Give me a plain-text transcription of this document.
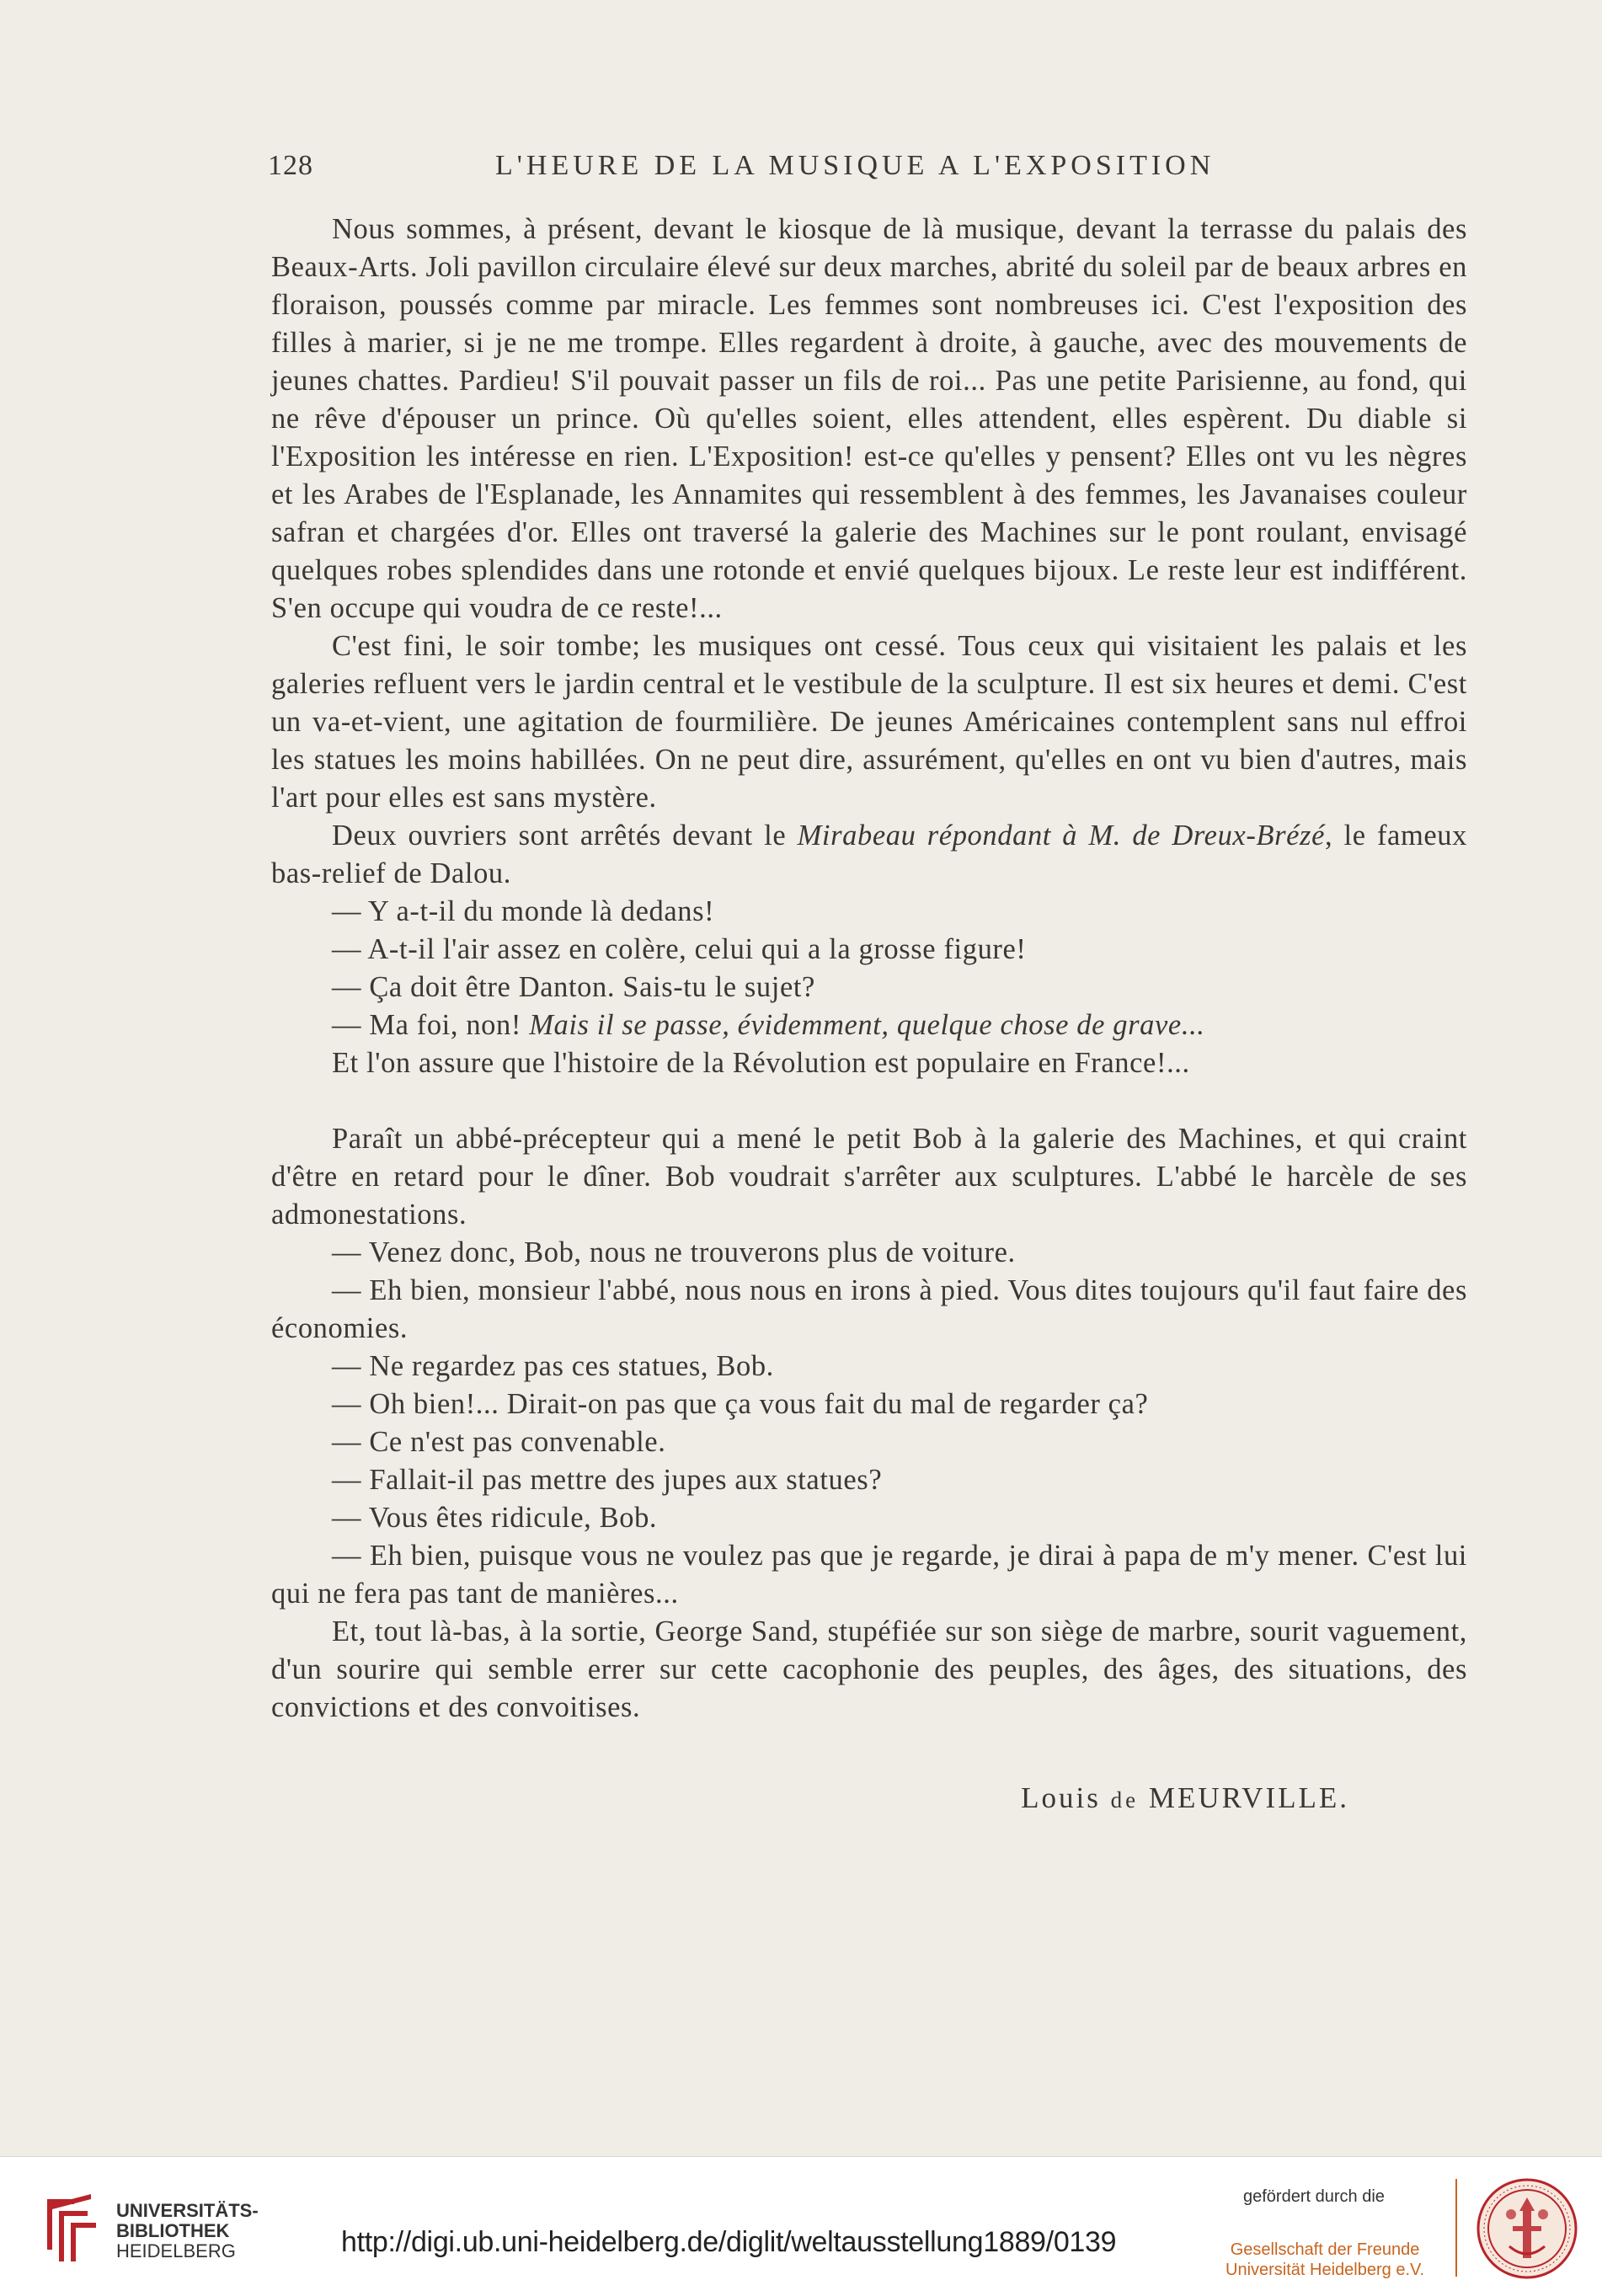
128	L'HEURE DE LA MUSIQUE A L'EXPOSITION

Nous sommes, à présent, devant le kiosque de là musique, devant la terrasse du palais des Beaux-Arts. Joli pavillon circulaire élevé sur deux marches, abrité du soleil par de beaux arbres en floraison, poussés comme par miracle. Les femmes sont nombreuses ici. C'est l'exposition des filles à marier, si je ne me trompe. Elles regardent à droite, à gauche, avec des mouvements de jeunes chattes. Pardieu! S'il pouvait passer un fils de roi... Pas une petite Parisienne, au fond, qui ne rêve d'épouser un prince. Où qu'elles soient, elles attendent, elles espèrent. Du diable si l'Exposition les intéresse en rien. L'Exposition! est-ce qu'elles y pensent? Elles ont vu les nègres et les Arabes de l'Esplanade, les Annamites qui ressemblent à des femmes, les Javanaises couleur safran et chargées d'or. Elles ont traversé la galerie des Machines sur le pont roulant, envisagé quelques robes splendides dans une rotonde et envié quelques bijoux. Le reste leur est indifférent. S'en occupe qui voudra de ce reste!...

C'est fini, le soir tombe; les musiques ont cessé. Tous ceux qui visitaient les palais et les galeries refluent vers le jardin central et le vestibule de la sculpture. Il est six heures et demi. C'est un va-et-vient, une agitation de fourmilière. De jeunes Américaines contemplent sans nul effroi les statues les moins habillées. On ne peut dire, assurément, qu'elles en ont vu bien d'autres, mais l'art pour elles est sans mystère.

Deux ouvriers sont arrêtés devant le Mirabeau répondant à M. de Dreux-Brézé, le fameux bas-relief de Dalou.

— Y a-t-il du monde là dedans!

— A-t-il l'air assez en colère, celui qui a la grosse figure!

— Ça doit être Danton. Sais-tu le sujet?

— Ma foi, non! Mais il se passe, évidemment, quelque chose de grave...

Et l'on assure que l'histoire de la Révolution est populaire en France!...

Paraît un abbé-précepteur qui a mené le petit Bob à la galerie des Machines, et qui craint d'être en retard pour le dîner. Bob voudrait s'arrêter aux sculptures. L'abbé le harcèle de ses admonestations.

— Venez donc, Bob, nous ne trouverons plus de voiture.

— Eh bien, monsieur l'abbé, nous nous en irons à pied. Vous dites toujours qu'il faut faire des économies.

— Ne regardez pas ces statues, Bob.

— Oh bien!... Dirait-on pas que ça vous fait du mal de regarder ça?

— Ce n'est pas convenable.

— Fallait-il pas mettre des jupes aux statues?

— Vous êtes ridicule, Bob.

— Eh bien, puisque vous ne voulez pas que je regarde, je dirai à papa de m'y mener. C'est lui qui ne fera pas tant de manières...

Et, tout là-bas, à la sortie, George Sand, stupéfiée sur son siège de marbre, sourit vaguement, d'un sourire qui semble errer sur cette cacophonie des peuples, des âges, des situations, des convictions et des convoitises.

Louis de MEURVILLE.
UNIVERSITÄTS-
BIBLIOTHEK
HEIDELBERG	http://digi.ub.uni-heidelberg.de/diglit/weltausstellung1889/0139
gefördert durch die
Gesellschaft der Freunde
Universität Heidelberg e.V.
